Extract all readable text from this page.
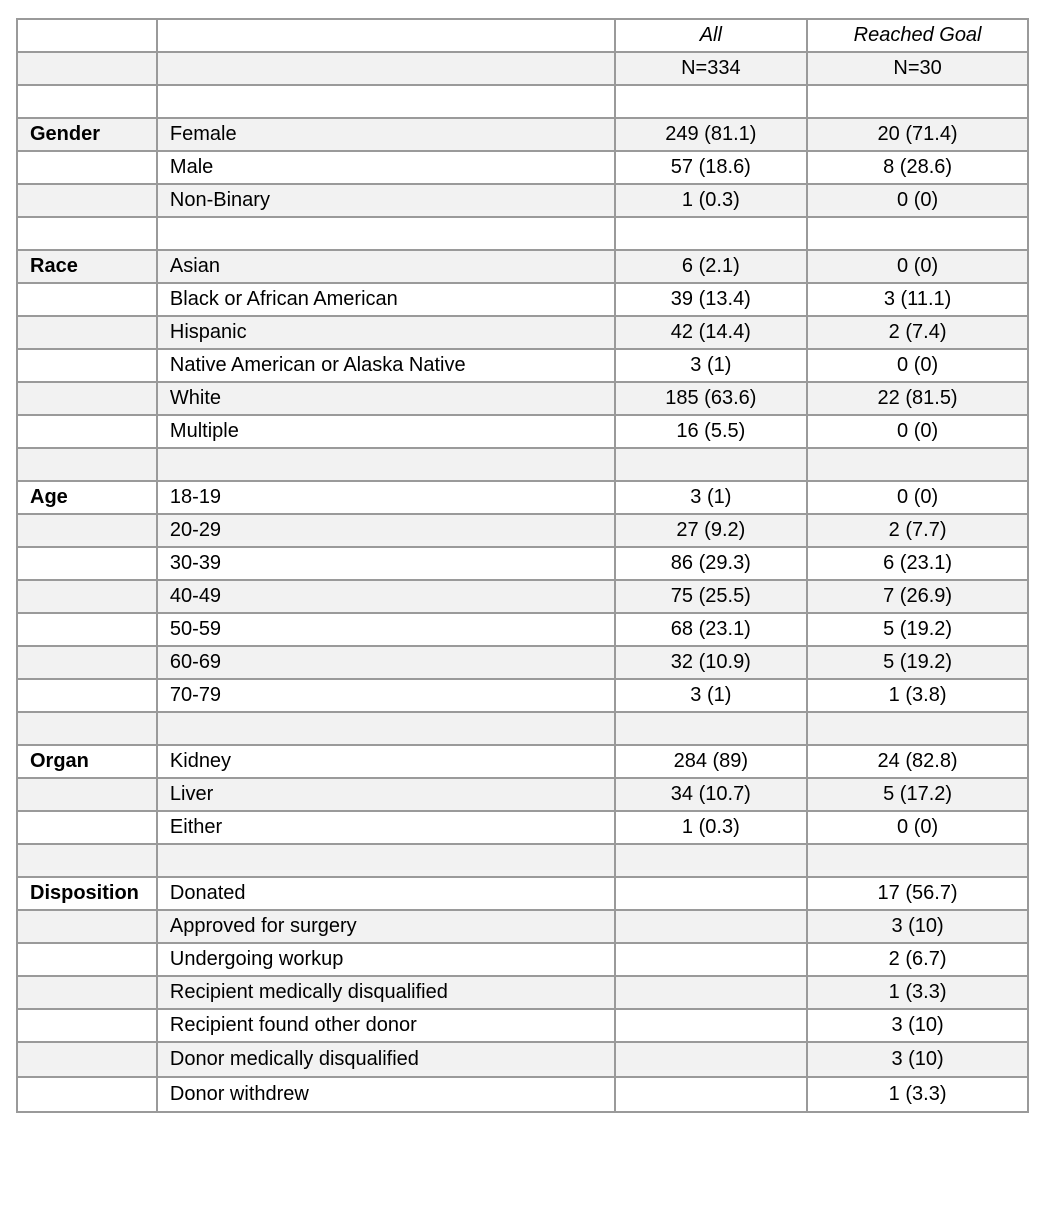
		All	Reached Goal
		N=334	N=30

Gender	Female	249 (81.1)	20 (71.4)
	Male	57 (18.6)	8 (28.6)
	Non-Binary	1 (0.3)	0 (0)

Race	Asian	6 (2.1)	0 (0)
	Black or African American	39 (13.4)	3 (11.1)
	Hispanic	42 (14.4)	2 (7.4)
	Native American or Alaska Native	3 (1)	0 (0)
	White	185 (63.6)	22 (81.5)
	Multiple	16 (5.5)	0 (0)

Age	18-19	3 (1)	0 (0)
	20-29	27 (9.2)	2 (7.7)
	30-39	86 (29.3)	6 (23.1)
	40-49	75 (25.5)	7 (26.9)
	50-59	68 (23.1)	5 (19.2)
	60-69	32 (10.9)	5 (19.2)
	70-79	3 (1)	1 (3.8)

Organ	Kidney	284 (89)	24 (82.8)
	Liver	34 (10.7)	5 (17.2)
	Either	1 (0.3)	0 (0)

Disposition	Donated		17 (56.7)
	Approved for surgery		3 (10)
	Undergoing workup		2 (6.7)
	Recipient medically disqualified		1 (3.3)
	Recipient found other donor		3 (10)
	Donor medically disqualified		3 (10)
	Donor withdrew		1 (3.3)
